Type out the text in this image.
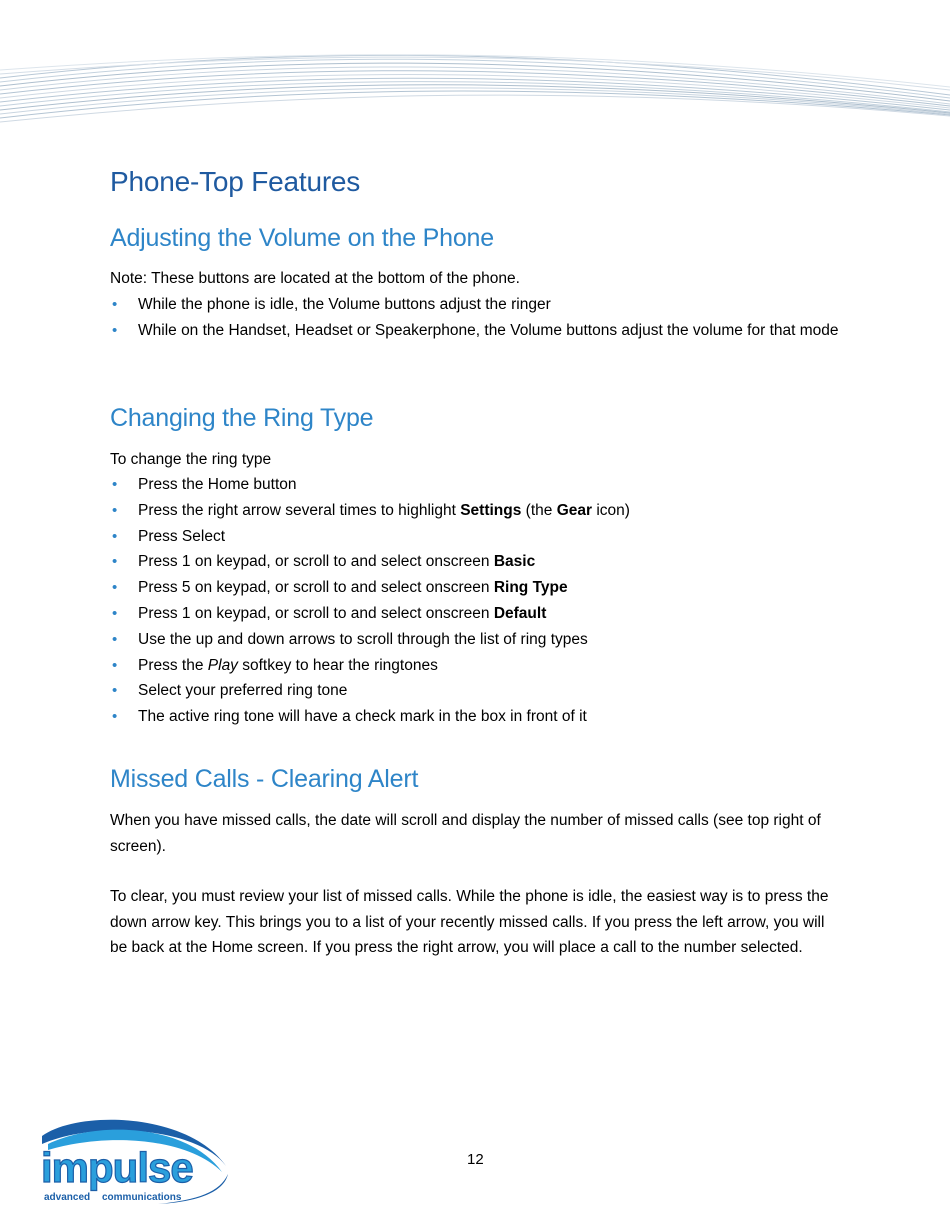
Phone-Top Features
Adjusting the Volume on the Phone

Note: These buttons are located at the bottom of the phone.

• While the phone is idle, the Volume buttons adjust the ringer
• While on the Handset, Headset or Speakerphone, the Volume buttons adjust the volume for that mode
Changing the Ring Type

To change the ring type

• Press the Home button
• Press the right arrow several times to highlight Settings (the Gear icon)
• Press Select
• Press 1 on keypad, or scroll to and select onscreen Basic
• Press 5 on keypad, or scroll to and select onscreen Ring Type
• Press 1 on keypad, or scroll to and select onscreen Default
• Use the up and down arrows to scroll through the list of ring types
• Press the Play softkey to hear the ringtones
• Select your preferred ring tone
• The active ring tone will have a check mark in the box in front of it
Missed Calls - Clearing Alert

When you have missed calls, the date will scroll and display the number of missed calls (see top right of screen).

To clear, you must review your list of missed calls. While the phone is idle, the easiest way is to press the down arrow key. This brings you to a list of your recently missed calls. If you press the left arrow, you will be back at the Home screen. If you press the right arrow, you will place a call to the number selected.

12
impulse
advanced communications
